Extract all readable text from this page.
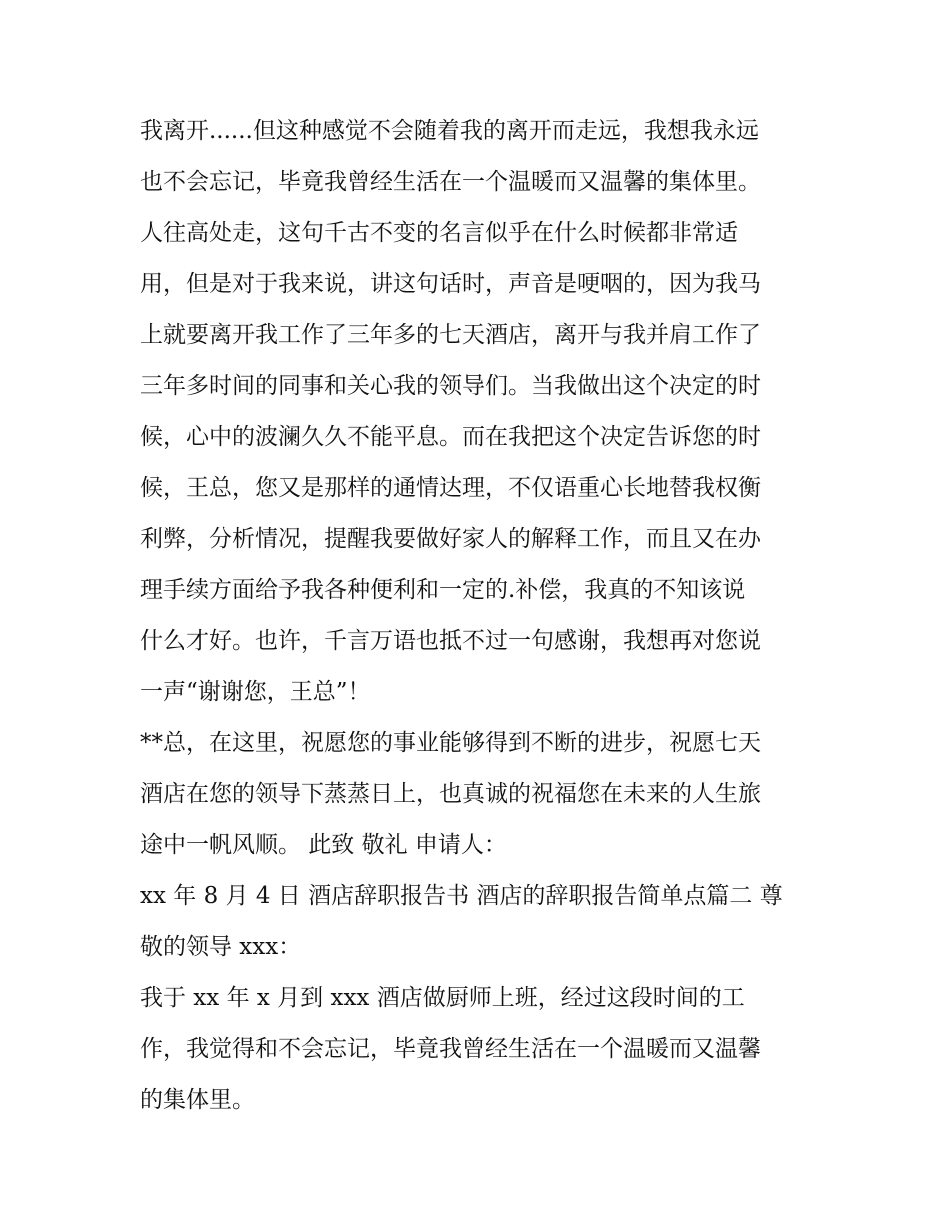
我离开......但这种感觉不会随着我的离开而走远，我想我永远
也不会忘记，毕竟我曾经生活在一个温暖而又温馨的集体里。
人往高处走，这句千古不变的名言似乎在什么时候都非常适
用，但是对于我来说，讲这句话时，声音是哽咽的，因为我马
上就要离开我工作了三年多的七天酒店，离开与我并肩工作了
三年多时间的同事和关心我的领导们。当我做出这个决定的时
候，心中的波澜久久不能平息。而在我把这个决定告诉您的时
候，王总，您又是那样的通情达理，不仅语重心长地替我权衡
利弊，分析情况，提醒我要做好家人的解释工作，而且又在办
理手续方面给予我各种便利和一定的.补偿，我真的不知该说
什么才好。也许，千言万语也抵不过一句感谢，我想再对您说
一声“谢谢您，王总”！
**总，在这里，祝愿您的事业能够得到不断的进步，祝愿七天
酒店在您的领导下蒸蒸日上，也真诚的祝福您在未来的人生旅
途中一帆风顺。 此致 敬礼 申请人：
xx 年 8 月 4 日 酒店辞职报告书 酒店的辞职报告简单点篇二 尊
敬的领导 xxx：
我于 xx 年 x 月到 xxx 酒店做厨师上班，经过这段时间的工
作，我觉得和不会忘记，毕竟我曾经生活在一个温暖而又温馨
的集体里。
